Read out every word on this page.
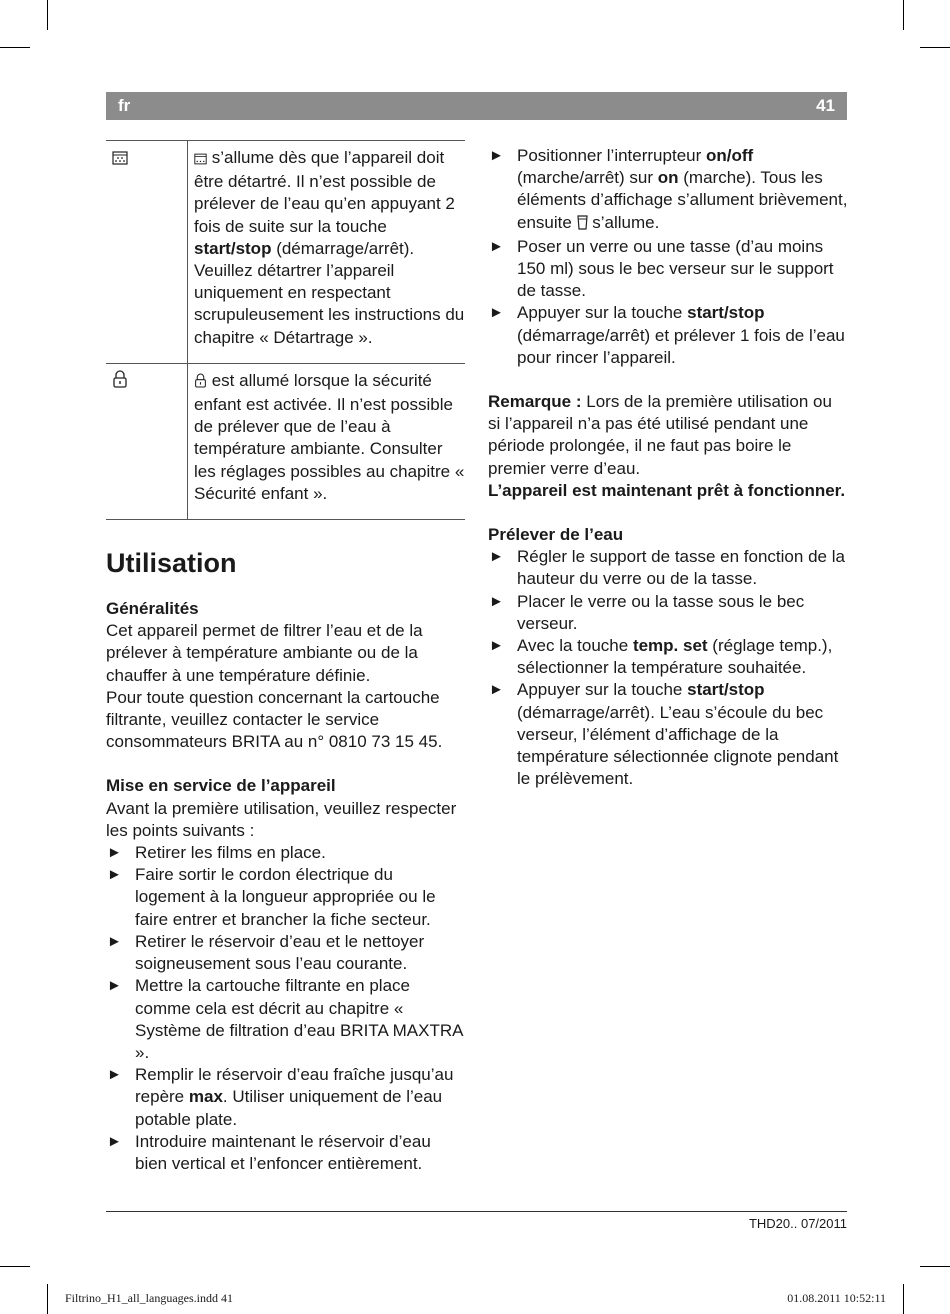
fr	41
	s’allume dès que l’appareil doit être détartré. Il n’est possible de prélever de l’eau qu’en appuyant 2 fois de suite sur la touche start/stop (démarrage/arrêt). Veuillez détartrer l’appareil uniquement en respectant scrupuleusement les instructions du chapitre « Détartrage ».
	est allumé lorsque la sécurité enfant est activée. Il n’est possible de prélever que de l’eau à température ambiante. Consulter les réglages possibles au chapitre « Sécurité enfant ».
Utilisation
Généralités

Cet appareil permet de filtrer l’eau et de la prélever à température ambiante ou de la chauffer à une température définie.

Pour toute question concernant la cartouche filtrante, veuillez contacter le service consommateurs BRITA au n° 0810 73 15 45.

Mise en service de l’appareil

Avant la première utilisation, veuillez respecter les points suivants :

► Retirer les films en place.
► Faire sortir le cordon électrique du logement à la longueur appropriée ou le faire entrer et brancher la fiche secteur.
► Retirer le réservoir d’eau et le nettoyer soigneusement sous l’eau courante.
► Mettre la cartouche filtrante en place comme cela est décrit au chapitre « Système de filtration d’eau BRITA MAXTRA ».
► Remplir le réservoir d’eau fraîche jusqu’au repère max. Utiliser uniquement de l’eau potable plate.
► Introduire maintenant le réservoir d’eau bien vertical et l’enfoncer entièrement.
► Positionner l’interrupteur on/off (marche/arrêt) sur on (marche). Tous les éléments d’affichage s’allument brièvement, ensuite  s’allume.
► Poser un verre ou une tasse (d’au moins 150 ml) sous le bec verseur sur le support de tasse.
► Appuyer sur la touche start/stop (démarrage/arrêt) et prélever 1 fois de l’eau pour rincer l’appareil.

Remarque : Lors de la première utilisation ou si l’appareil n’a pas été utilisé pendant une période prolongée, il ne faut pas boire le premier verre d’eau.

L’appareil est maintenant prêt à fonctionner.

Prélever de l’eau
► Régler le support de tasse en fonction de la hauteur du verre ou de la tasse.
► Placer le verre ou la tasse sous le bec verseur.
► Avec la touche temp. set (réglage temp.), sélectionner la température souhaitée.
► Appuyer sur la touche start/stop (démarrage/arrêt). L’eau s’écoule du bec verseur, l’élément d’affichage de la température sélectionnée clignote pendant le prélèvement.
THD20.. 07/2011
Filtrino_H1_all_languages.indd 41	01.08.2011 10:52:11
